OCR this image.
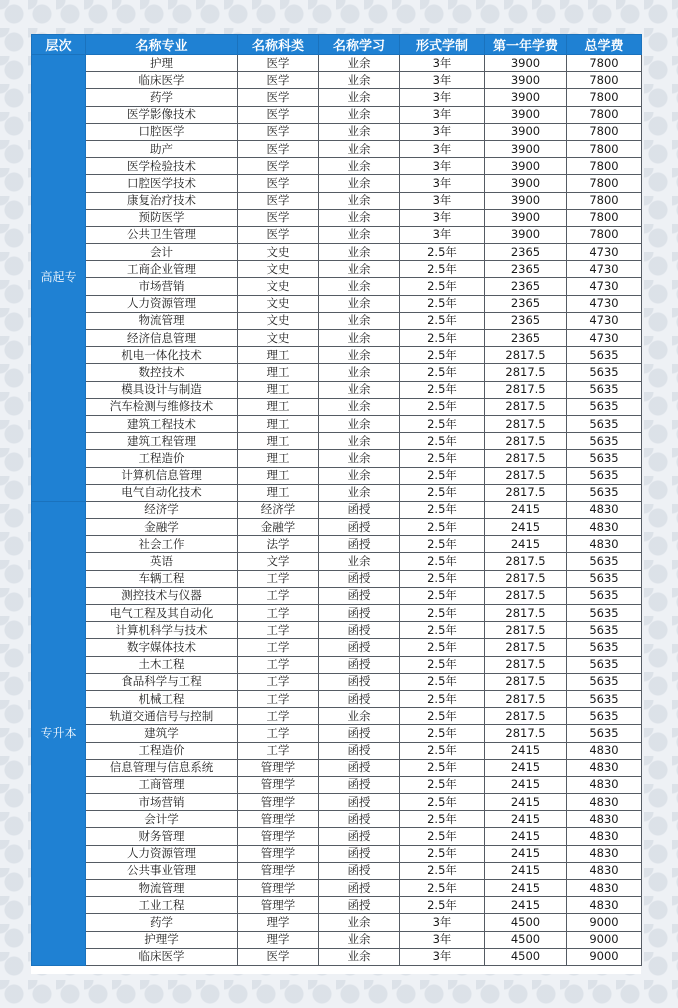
层次	名称专业	名称科类	名称学习	形式学制	第一年学费	总学费
高起专	护理	医学	业余	3年	3900	7800
	临床医学	医学	业余	3年	3900	7800
	药学	医学	业余	3年	3900	7800
	医学影像技术	医学	业余	3年	3900	7800
	口腔医学	医学	业余	3年	3900	7800
	助产	医学	业余	3年	3900	7800
	医学检验技术	医学	业余	3年	3900	7800
	口腔医学技术	医学	业余	3年	3900	7800
	康复治疗技术	医学	业余	3年	3900	7800
	预防医学	医学	业余	3年	3900	7800
	公共卫生管理	医学	业余	3年	3900	7800
	会计	文史	业余	2.5年	2365	4730
	工商企业管理	文史	业余	2.5年	2365	4730
	市场营销	文史	业余	2.5年	2365	4730
	人力资源管理	文史	业余	2.5年	2365	4730
	物流管理	文史	业余	2.5年	2365	4730
	经济信息管理	文史	业余	2.5年	2365	4730
	机电一体化技术	理工	业余	2.5年	2817.5	5635
	数控技术	理工	业余	2.5年	2817.5	5635
	模具设计与制造	理工	业余	2.5年	2817.5	5635
	汽车检测与维修技术	理工	业余	2.5年	2817.5	5635
	建筑工程技术	理工	业余	2.5年	2817.5	5635
	建筑工程管理	理工	业余	2.5年	2817.5	5635
	工程造价	理工	业余	2.5年	2817.5	5635
	计算机信息管理	理工	业余	2.5年	2817.5	5635
	电气自动化技术	理工	业余	2.5年	2817.5	5635
专升本	经济学	经济学	函授	2.5年	2415	4830
	金融学	金融学	函授	2.5年	2415	4830
	社会工作	法学	函授	2.5年	2415	4830
	英语	文学	业余	2.5年	2817.5	5635
	车辆工程	工学	函授	2.5年	2817.5	5635
	测控技术与仪器	工学	函授	2.5年	2817.5	5635
	电气工程及其自动化	工学	函授	2.5年	2817.5	5635
	计算机科学与技术	工学	函授	2.5年	2817.5	5635
	数字媒体技术	工学	函授	2.5年	2817.5	5635
	土木工程	工学	函授	2.5年	2817.5	5635
	食品科学与工程	工学	函授	2.5年	2817.5	5635
	机械工程	工学	函授	2.5年	2817.5	5635
	轨道交通信号与控制	工学	业余	2.5年	2817.5	5635
	建筑学	工学	函授	2.5年	2817.5	5635
	工程造价	工学	函授	2.5年	2415	4830
	信息管理与信息系统	管理学	函授	2.5年	2415	4830
	工商管理	管理学	函授	2.5年	2415	4830
	市场营销	管理学	函授	2.5年	2415	4830
	会计学	管理学	函授	2.5年	2415	4830
	财务管理	管理学	函授	2.5年	2415	4830
	人力资源管理	管理学	函授	2.5年	2415	4830
	公共事业管理	管理学	函授	2.5年	2415	4830
	物流管理	管理学	函授	2.5年	2415	4830
	工业工程	管理学	函授	2.5年	2415	4830
	药学	理学	业余	3年	4500	9000
	护理学	理学	业余	3年	4500	9000
	临床医学	医学	业余	3年	4500	9000
